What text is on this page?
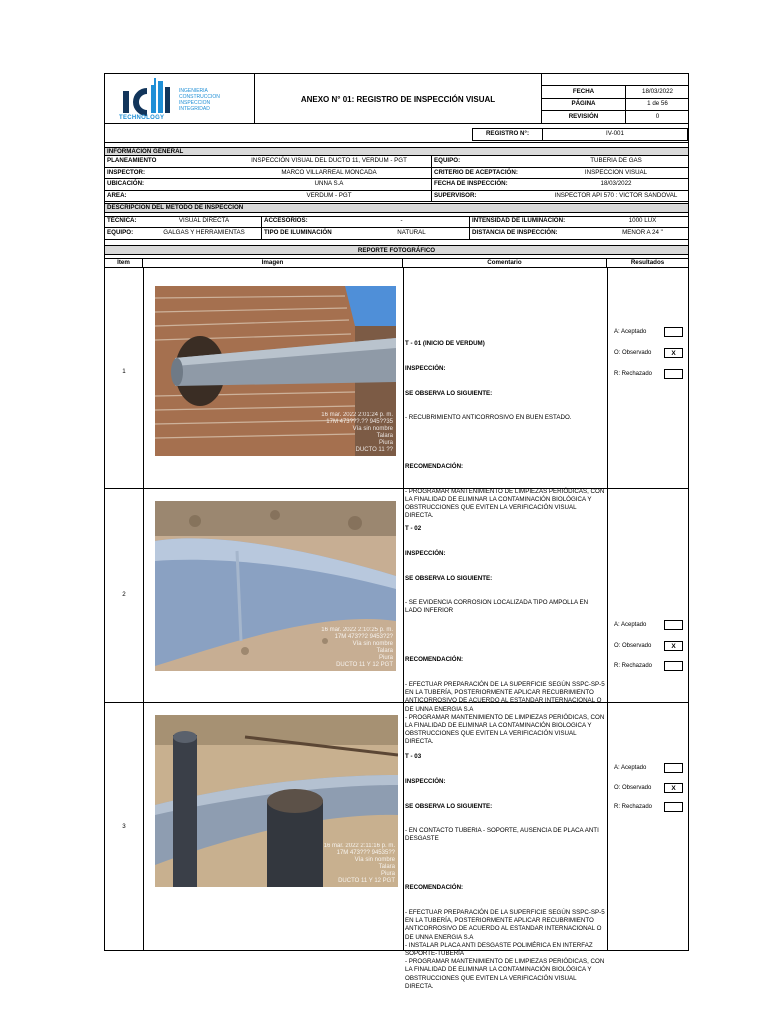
TECHNOLOGY
INGENIERIA
CONSTRUCCION
INSPECCION
INTEGRIDAD
ANEXO N° 01: REGISTRO DE INSPECCIÓN VISUAL
FECHA	18/03/2022
PÁGINA	1 de 56
REVISIÓN	0
REGISTRO N°:	IV-001
INFORMACIÓN GENERAL
PLANEAMIENTO	INSPECCIÓN VISUAL DEL DUCTO 11, VERDUM - PGT	EQUIPO:	TUBERIA DE GAS
INSPECTOR:	MARCO VILLARREAL MONCADA	CRITERIO DE ACEPTACIÓN:	INSPECCION VISUAL
UBICACIÓN:	UNNA S.A	FECHA DE INSPECCIÓN:	18/03/2022
AREA:	VERDUM - PGT	SUPERVISOR:	INSPECTOR API 570 : VICTOR SANDOVAL
DESCRIPCION DEL METODO DE INSPECCION
TÉCNICA:	VISUAL DIRECTA	ACCESORIOS:	-	INTENSIDAD DE ILUMINACIÓN:	1000 LUX
EQUIPO:	GALGAS Y HERRAMIENTAS	TIPO DE ILUMINACIÓN	NATURAL	DISTANCIA DE INSPECCIÓN:	MENOR A 24 "
REPORTE FOTOGRÁFICO
Item	Imagen	Comentario	Resultados
1
16 mar. 2022 2:01:24 p. m.
17M 473???.?? 945??35
Vía sin nombre
Talara
Piura
DUCTO 11 ??

T - 01 (INICIO DE VERDUM)

INSPECCIÓN:

SE OBSERVA LO SIGUIENTE:

- RECUBRIMIENTO ANTICORROSIVO EN BUEN ESTADO.

RECOMENDACIÓN:

- PROGRAMAR MANTENIMIENTO DE LIMPIEZAS PERIÓDICAS, CON LA FINALIDAD DE ELIMINAR LA CONTAMINACIÓN BIOLÓGICA Y OBSTRUCCIONES QUE EVITEN LA VERIFICACIÓN VISUAL DIRECTA.

A: Aceptado
O: Observado	X
R: Rechazado
2
16 mar. 2022 2:10:25 p. m.
17M 473??2 9453?2?
Vía sin nombre
Talara
Piura
DUCTO 11 Y 12 PGT

T - 02

INSPECCIÓN:

SE OBSERVA LO SIGUIENTE:

- SE EVIDENCIA CORROSION LOCALIZADA TIPO AMPOLLA EN LADO INFERIOR

RECOMENDACIÓN:

- EFECTUAR PREPARACIÓN DE LA SUPERFICIE SEGÚN SSPC-SP-5 EN LA TUBERÍA, POSTERIORMENTE APLICAR RECUBRIMIENTO ANTICORROSIVO DE ACUERDO AL ESTANDAR INTERNACIONAL O DE UNNA ENERGIA S.A
- PROGRAMAR MANTENIMIENTO DE LIMPIEZAS PERIÓDICAS, CON LA FINALIDAD DE ELIMINAR LA CONTAMINACIÓN BIOLOGICA Y OBSTRUCCIONES QUE EVITEN LA VERIFICACIÓN VISUAL DIRECTA.

A: Aceptado
O: Observado	X
R: Rechazado
3
16 mar. 2022 2:11:16 p. m.
17M 473??? 94535??
Vía sin nombre
Talara
Piura
DUCTO 11 Y 12 PGT

T - 03

INSPECCIÓN:

SE OBSERVA LO SIGUIENTE:

- EN CONTACTO TUBERIA - SOPORTE, AUSENCIA DE PLACA ANTI DESGASTE

RECOMENDACIÓN:

- EFECTUAR PREPARACIÓN DE LA SUPERFICIE SEGÚN SSPC-SP-5 EN LA TUBERÍA, POSTERIORMENTE APLICAR RECUBRIMIENTO ANTICORROSIVO DE ACUERDO AL ESTANDAR INTERNACIONAL O DE UNNA ENERGIA S.A
- INSTALAR PLACA ANTI DESGASTE POLIMÉRICA EN INTERFAZ SOPORTE-TUBERÍA
- PROGRAMAR MANTENIMIENTO DE LIMPIEZAS PERIÓDICAS, CON LA FINALIDAD DE ELIMINAR LA CONTAMINACIÓN BIOLÓGICA Y OBSTRUCCIONES QUE EVITEN LA VERIFICACIÓN VISUAL DIRECTA.

A: Aceptado
O: Observado	X
R: Rechazado
